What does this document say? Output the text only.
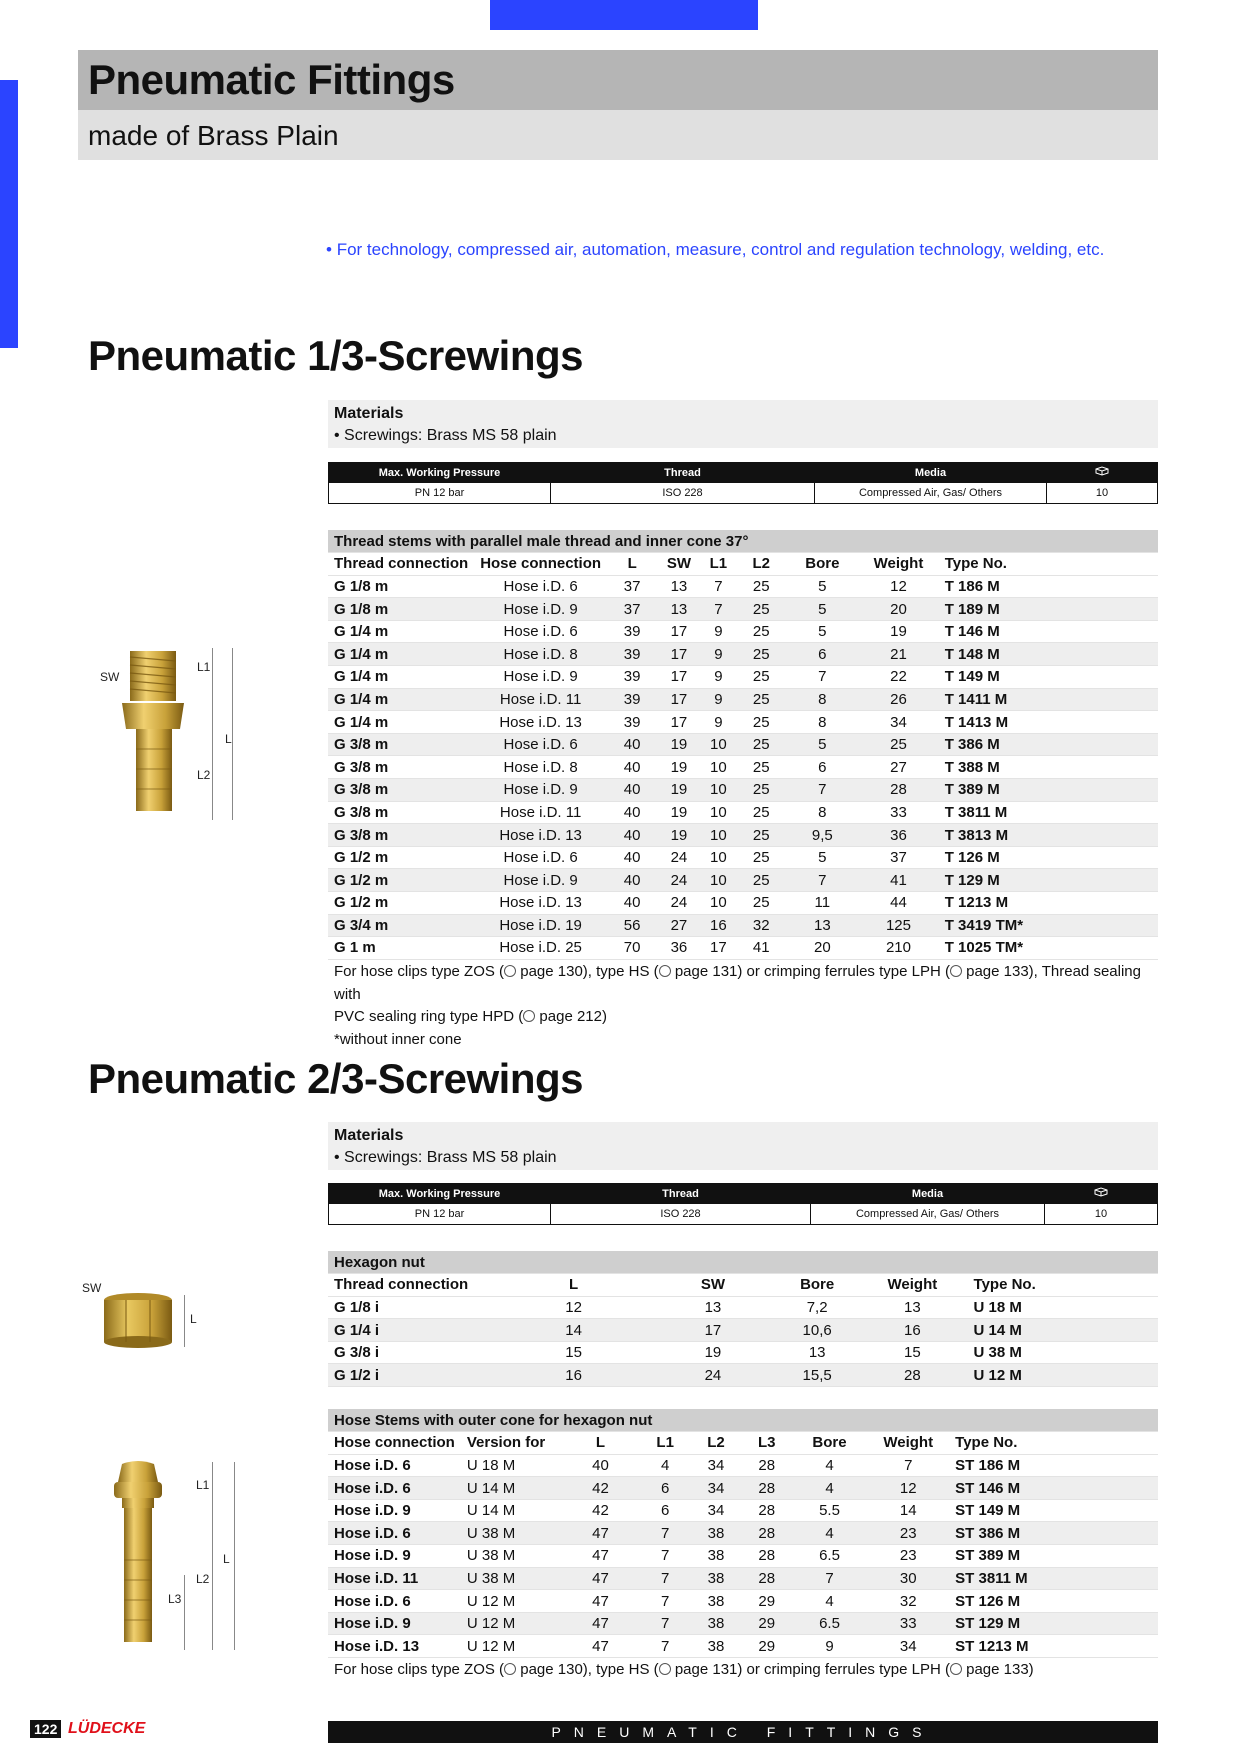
Pneumatic Fittings
made of Brass Plain
• For technology, compressed air, automation, measure, control and regulation technology, welding, etc.
Pneumatic 1/3-Screwings
Materials
• Screwings: Brass MS 58 plain
Max. Working Pressure	Thread	Media	
PN 12 bar	ISO 228	Compressed Air, Gas/ Others	10
Thread stems with parallel male thread and inner cone 37°								
Thread connection	Hose connection	L	SW	L1	L2	Bore	Weight	Type No.
G 1/8 m	Hose i.D. 6	37	13	7	25	5	12	T 186 M
G 1/8 m	Hose i.D. 9	37	13	7	25	5	20	T 189 M
G 1/4 m	Hose i.D. 6	39	17	9	25	5	19	T 146 M
G 1/4 m	Hose i.D. 8	39	17	9	25	6	21	T 148 M
G 1/4 m	Hose i.D. 9	39	17	9	25	7	22	T 149 M
G 1/4 m	Hose i.D. 11	39	17	9	25	8	26	T 1411 M
G 1/4 m	Hose i.D. 13	39	17	9	25	8	34	T 1413 M
G 3/8 m	Hose i.D. 6	40	19	10	25	5	25	T 386 M
G 3/8 m	Hose i.D. 8	40	19	10	25	6	27	T 388 M
G 3/8 m	Hose i.D. 9	40	19	10	25	7	28	T 389 M
G 3/8 m	Hose i.D. 11	40	19	10	25	8	33	T 3811 M
G 3/8 m	Hose i.D. 13	40	19	10	25	9,5	36	T 3813 M
G 1/2 m	Hose i.D. 6	40	24	10	25	5	37	T 126 M
G 1/2 m	Hose i.D. 9	40	24	10	25	7	41	T 129 M
G 1/2 m	Hose i.D. 13	40	24	10	25	11	44	T 1213 M
G 3/4 m	Hose i.D. 19	56	27	16	32	13	125	T 3419 TM*
G 1 m	Hose i.D. 25	70	36	17	41	20	210	T 1025 TM*
For hose clips type ZOS ( page 130), type HS ( page 131) or crimping ferrules type LPH ( page 133), Thread sealing with
PVC sealing ring type HPD ( page 212)
*without inner cone
SW
L1
L
L2
Pneumatic 2/3-Screwings
Materials
• Screwings: Brass MS 58 plain
Max. Working Pressure	Thread	Media	
PN 12 bar	ISO 228	Compressed Air, Gas/ Others	10
Hexagon nut					
Thread connection	L	SW	Bore	Weight	Type No.
G 1/8 i	12	13	7,2	13	U 18 M
G 1/4 i	14	17	10,6	16	U 14 M
G 3/8 i	15	19	13	15	U 38 M
G 1/2 i	16	24	15,5	28	U 12 M
Hose Stems with outer cone for hexagon nut								
Hose connection	Version for	L	L1	L2	L3	Bore	Weight	Type No.
Hose i.D. 6	U 18 M	40	4	34	28	4	7	ST 186 M
Hose i.D. 6	U 14 M	42	6	34	28	4	12	ST 146 M
Hose i.D. 9	U 14 M	42	6	34	28	5.5	14	ST 149 M
Hose i.D. 6	U 38 M	47	7	38	28	4	23	ST 386 M
Hose i.D. 9	U 38 M	47	7	38	28	6.5	23	ST 389 M
Hose i.D. 11	U 38 M	47	7	38	28	7	30	ST 3811 M
Hose i.D. 6	U 12 M	47	7	38	29	4	32	ST 126 M
Hose i.D. 9	U 12 M	47	7	38	29	6.5	33	ST 129 M
Hose i.D. 13	U 12 M	47	7	38	29	9	34	ST 1213 M
For hose clips type ZOS ( page 130), type HS ( page 131) or crimping ferrules type LPH ( page 133)
SW
L
L1
L
L2
L3
122 LÜDECKE	PNEUMATIC FITTINGS
